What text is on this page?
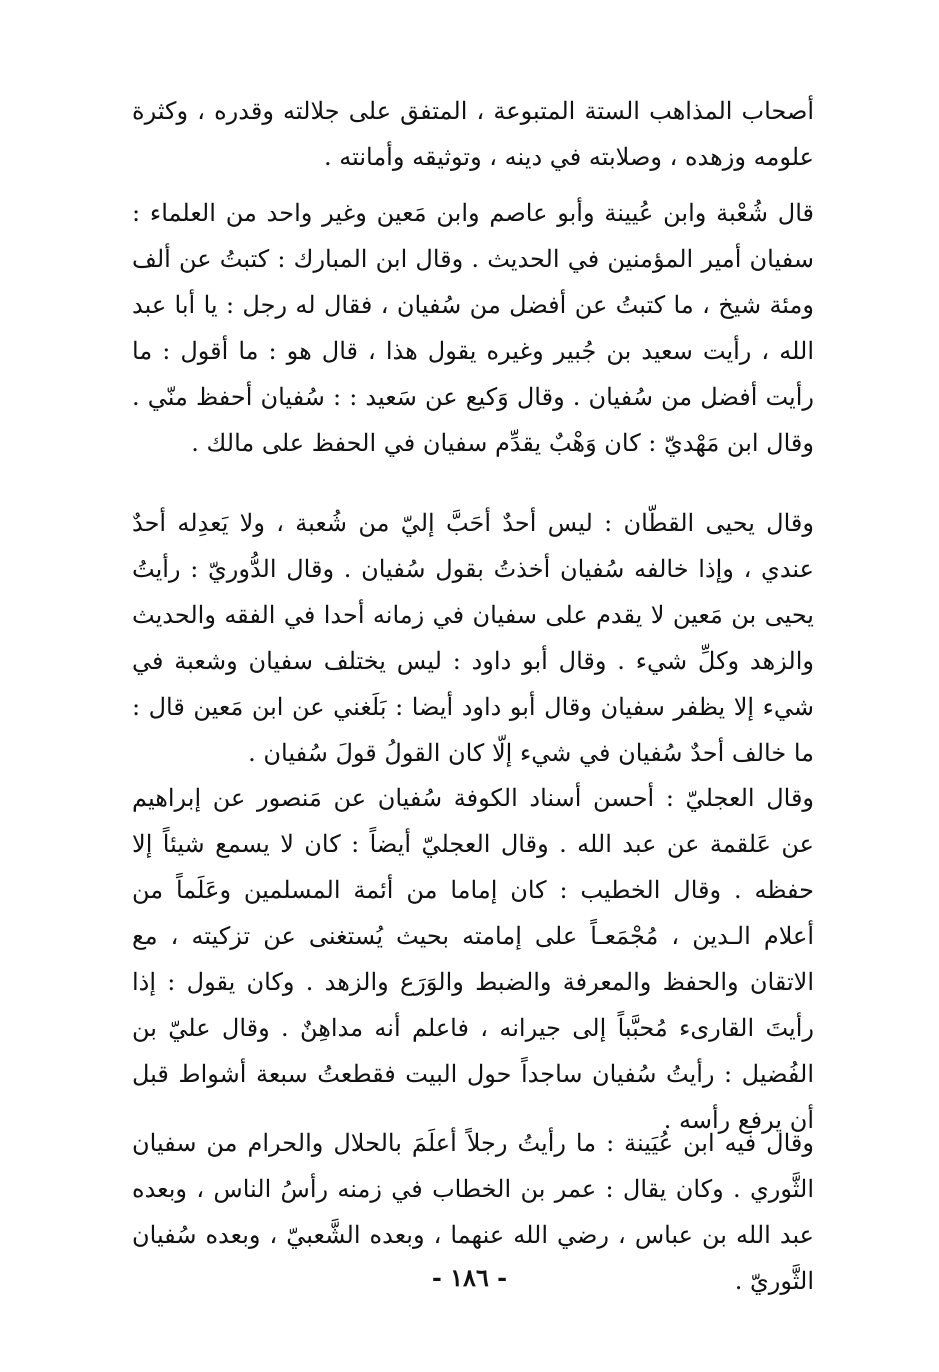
أصحاب المذاهب الستة المتبوعة ، المتفق على جلالته وقدره ، وكثرة علومه وزهده ، وصلابته في دينه ، وتوثيقه وأمانته .

قال شُعْبة وابن عُيينة وأبو عاصم وابن مَعين وغير واحد من العلماء : سفيان أمير المؤمنين في الحديث . وقال ابن المبارك : كتبتُ عن ألف ومئة شيخ ، ما كتبتُ عن أفضل من سُفيان ، فقال له رجل : يا أبا عبد الله ، رأيت سعيد بن جُبير وغيره يقول هذا ، قال هو : ما أقول : ما رأيت أفضل من سُفيان . وقال وَكيع عن سَعيد : : سُفيان أحفظ منّي . وقال ابن مَهْديّ : كان وَهْبٌ يقدِّم سفيان في الحفظ على مالك .

وقال يحيى القطّان : ليس أحدٌ أحَبَّ إليّ من شُعبة ، ولا يَعدِله أحدٌ عندي ، وإذا خالفه سُفيان أخذتُ بقول سُفيان . وقال الدُّوريّ : رأيتُ يحيى بن مَعين لا يقدم على سفيان في زمانه أحدا في الفقه والحديث والزهد وكلِّ شيء . وقال أبو داود : ليس يختلف سفيان وشعبة في شيء إلا يظفر سفيان وقال أبو داود أيضا : بَلَغني عن ابن مَعين قال : ما خالف أحدٌ سُفيان في شيء إلّا كان القولُ قولَ سُفيان .

وقال العجليّ : أحسن أسناد الكوفة سُفيان عن مَنصور عن إبراهيم عن عَلقمة عن عبد الله . وقال العجليّ أيضاً : كان لا يسمع شيئاً إلا حفظه . وقال الخطيب : كان إماما من أئمة المسلمين وعَلَماً من أعلام الـدين ، مُجْمَعـاً على إمامته بحيث يُستغنى عن تزكيته ، مع الاتقان والحفظ والمعرفة والضبط والوَرَع والزهد . وكان يقول : إذا رأيتَ القارىء مُحبَّباً إلى جيرانه ، فاعلم أنه مداهِنٌ . وقال عليّ بن الفُضيل : رأيتُ سُفيان ساجداً حول البيت فقطعتُ سبعة أشواط قبل أن يرفع رأسه .

وقال فيه ابن عُيَينة : ما رأيتُ رجلاً أعلَمَ بالحلال والحرام من سفيان الثَّوري . وكان يقال : عمر بن الخطاب في زمنه رأسُ الناس ، وبعده عبد الله بن عباس ، رضي الله عنهما ، وبعده الشَّعبيّ ، وبعده سُفيان الثَّوريّ .

- ١٨٦ -
